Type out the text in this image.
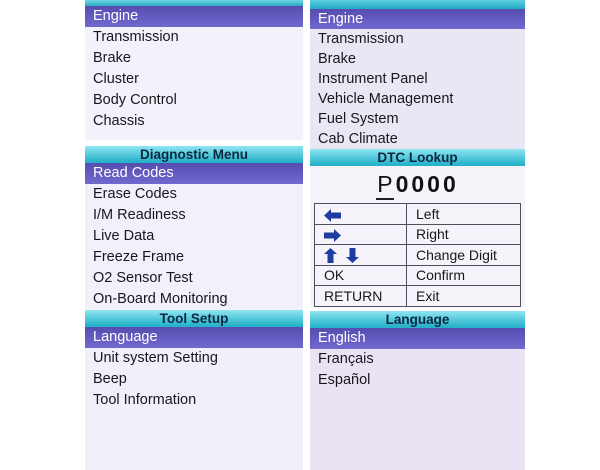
Engine
Transmission
Brake
Cluster
Body Control
Chassis
Engine
Transmission
Brake
Instrument Panel
Vehicle Management
Fuel System
Cab Climate
Diagnostic Menu
Read Codes
Erase Codes
I/M Readiness
Live Data
Freeze Frame
O2 Sensor Test
On-Board Monitoring
DTC Lookup
P 0000
	Left
	Right
	Change Digit
OK	Confirm
RETURN	Exit
Tool Setup
Language
Unit system Setting
Beep
Tool Information
Language
English
Français
Español
